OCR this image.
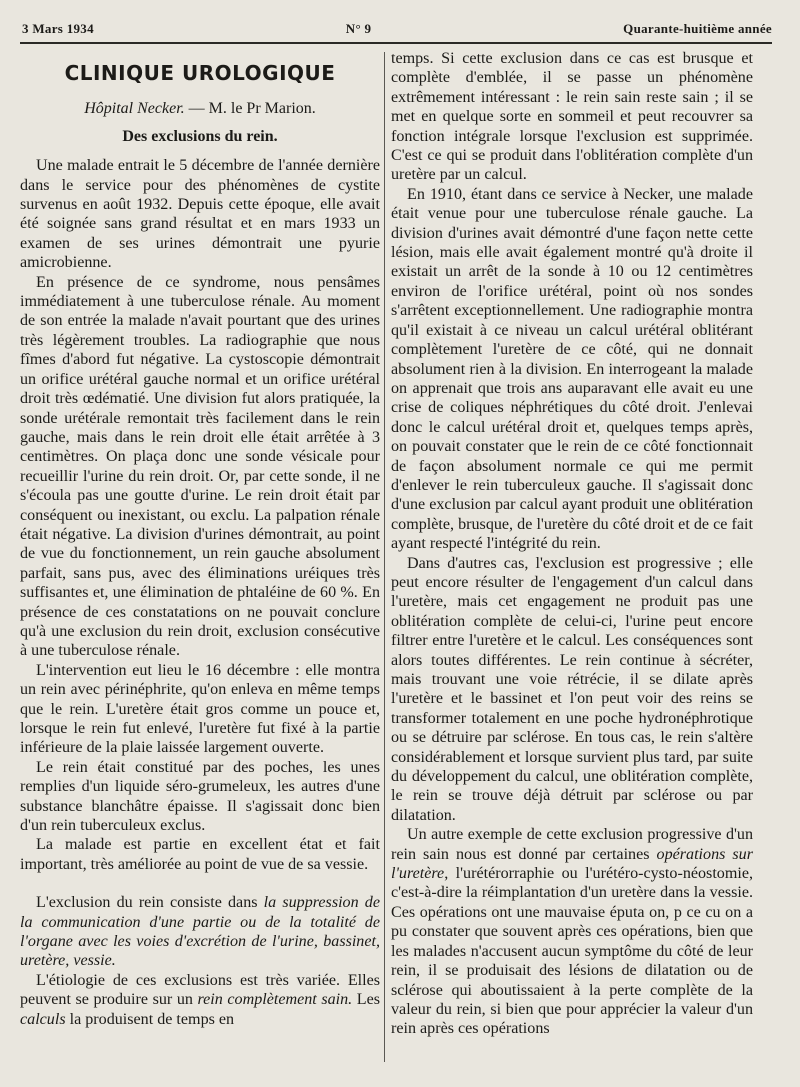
3 Mars 1934	N° 9	Quarante-huitième année
CLINIQUE UROLOGIQUE
Hôpital Necker. — M. le Pr Marion.
Des exclusions du rein.

Une malade entrait le 5 décembre de l'année dernière dans le service pour des phénomènes de cystite survenus en août 1932. Depuis cette époque, elle avait été soignée sans grand résultat et en mars 1933 un examen de ses urines démontrait une pyurie amicrobienne.

En présence de ce syndrome, nous pensâmes immédiatement à une tuberculose rénale. Au moment de son entrée la malade n'avait pourtant que des urines très légèrement troubles. La radiographie que nous fîmes d'abord fut négative. La cystoscopie démontrait un orifice urétéral gauche normal et un orifice urétéral droit très œdématié. Une division fut alors pratiquée, la sonde urétérale remontait très facilement dans le rein gauche, mais dans le rein droit elle était arrêtée à 3 centimètres. On plaça donc une sonde vésicale pour recueillir l'urine du rein droit. Or, par cette sonde, il ne s'écoula pas une goutte d'urine. Le rein droit était par conséquent ou inexistant, ou exclu. La palpation rénale était négative. La division d'urines démontrait, au point de vue du fonctionnement, un rein gauche absolument parfait, sans pus, avec des éliminations uréiques très suffisantes et, une élimination de phtaléine de 60 %. En présence de ces constatations on ne pouvait conclure qu'à une exclusion du rein droit, exclusion consécutive à une tuberculose rénale.

L'intervention eut lieu le 16 décembre : elle montra un rein avec périnéphrite, qu'on enleva en même temps que le rein. L'uretère était gros comme un pouce et, lorsque le rein fut enlevé, l'uretère fut fixé à la partie inférieure de la plaie laissée largement ouverte.

Le rein était constitué par des poches, les unes remplies d'un liquide séro-grumeleux, les autres d'une substance blanchâtre épaisse. Il s'agissait donc bien d'un rein tuberculeux exclus.

La malade est partie en excellent état et fait important, très améliorée au point de vue de sa vessie.

L'exclusion du rein consiste dans la suppression de la communication d'une partie ou de la totalité de l'organe avec les voies d'excrétion de l'urine, bassinet, uretère, vessie.

L'étiologie de ces exclusions est très variée. Elles peuvent se produire sur un rein complètement sain. Les calculs la produisent de temps en

temps. Si cette exclusion dans ce cas est brusque et complète d'emblée, il se passe un phénomène extrêmement intéressant : le rein sain reste sain ; il se met en quelque sorte en sommeil et peut recouvrer sa fonction intégrale lorsque l'exclusion est supprimée. C'est ce qui se produit dans l'oblitération complète d'un uretère par un calcul.

En 1910, étant dans ce service à Necker, une malade était venue pour une tuberculose rénale gauche. La division d'urines avait démontré d'une façon nette cette lésion, mais elle avait également montré qu'à droite il existait un arrêt de la sonde à 10 ou 12 centimètres environ de l'orifice urétéral, point où nos sondes s'arrêtent exceptionnellement. Une radiographie montra qu'il existait à ce niveau un calcul urétéral oblitérant complètement l'uretère de ce côté, qui ne donnait absolument rien à la division. En interrogeant la malade on apprenait que trois ans auparavant elle avait eu une crise de coliques néphrétiques du côté droit. J'enlevai donc le calcul urétéral droit et, quelques temps après, on pouvait constater que le rein de ce côté fonctionnait de façon absolument normale ce qui me permit d'enlever le rein tuberculeux gauche. Il s'agissait donc d'une exclusion par calcul ayant produit une oblitération complète, brusque, de l'uretère du côté droit et de ce fait ayant respecté l'intégrité du rein.

Dans d'autres cas, l'exclusion est progressive ; elle peut encore résulter de l'engagement d'un calcul dans l'uretère, mais cet engagement ne produit pas une oblitération complète de celui-ci, l'urine peut encore filtrer entre l'uretère et le calcul. Les conséquences sont alors toutes différentes. Le rein continue à sécréter, mais trouvant une voie rétrécie, il se dilate après l'uretère et le bassinet et l'on peut voir des reins se transformer totalement en une poche hydronéphrotique ou se détruire par sclérose. En tous cas, le rein s'altère considérablement et lorsque survient plus tard, par suite du développement du calcul, une oblitération complète, le rein se trouve déjà détruit par sclérose ou par dilatation.

Un autre exemple de cette exclusion progressive d'un rein sain nous est donné par certaines opérations sur l'uretère, l'urétérorraphie ou l'urétéro-cysto-néostomie, c'est-à-dire la réimplantation d'un uretère dans la vessie. Ces opérations ont une mauvaise éputa on, p ce cu on a pu constater que souvent après ces opérations, bien que les malades n'accusent aucun symptôme du côté de leur rein, il se produisait des lésions de dilatation ou de sclérose qui aboutissaient à la perte complète de la valeur du rein, si bien que pour apprécier la valeur d'un rein après ces opérations
